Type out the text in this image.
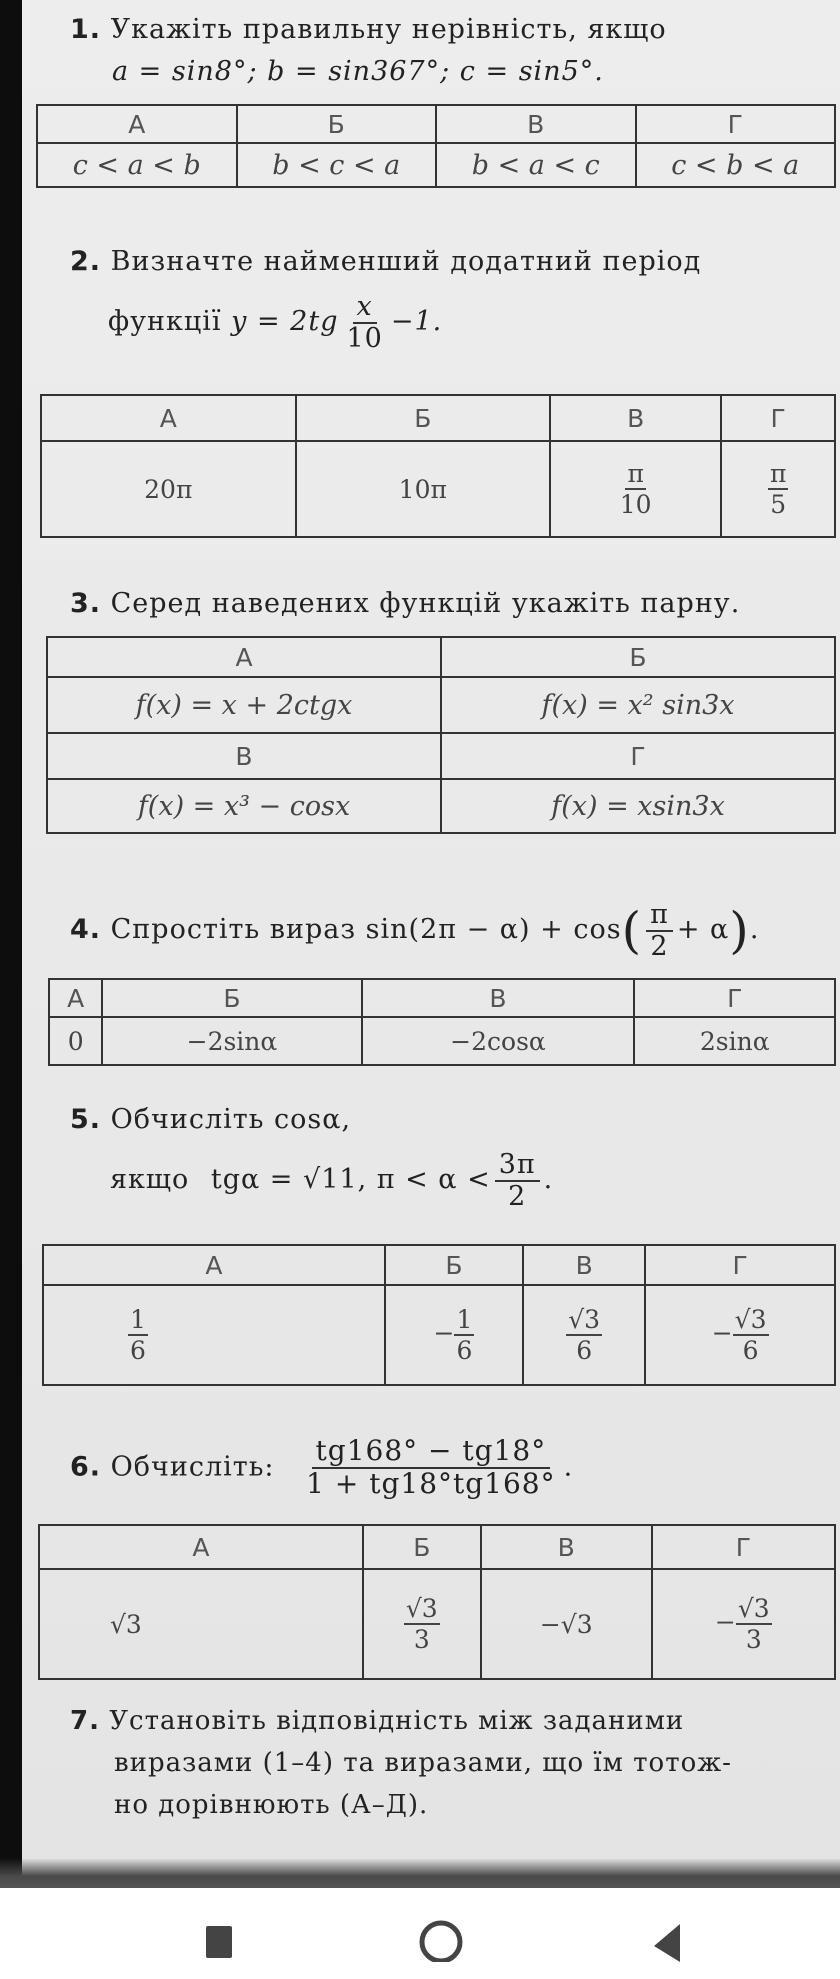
1. Укажіть правильну нерівність, якщо
a = sin8°; b = sin367°; c = sin5°.
А	Б	В	Г
c < a < b	b < c < a	b < a < c	c < b < a
2. Визначте найменший додатний період
функції $y = 2tg \frac{x}{10} -1$.
А	Б	В	Г
20π	10π	$\frac{\pi}{10}$	$\frac{\pi}{5}$
3. Серед наведених функцій укажіть парну.
А	Б
f(x) = x + 2ctgx	f(x) = x² sin3x
В	Г
f(x) = x³ − cosx	f(x) = xsin3x
4. Спростіть вираз $\sin(2\pi - \alpha) + \cos( \frac{\pi}{2} + \alpha)$.
А	Б	В	Г
0	−2sinα	−2cosα	2sinα
5. Обчисліть cosα,
якщо tgα = √11, $\pi < \alpha < \frac{3\pi}{2}$ .
А	Б	В	Г

$\frac{1}{6}$	− $\frac{1}{6}$	$\frac{√3}{6}$	− $\frac{√3}{6}$
6. Обчисліть: $\frac{tg168^\circ - tg18^\circ}{1 + tg18^\circ tg168^\circ}$ .
А	Б	В	Г
√3	$\frac{√3}{3}$	−√3	− $\frac{√3}{3}$
7. Установіть відповідність між заданими
виразами (1–4) та виразами, що їм тотож-
но дорівнюють (А–Д).
